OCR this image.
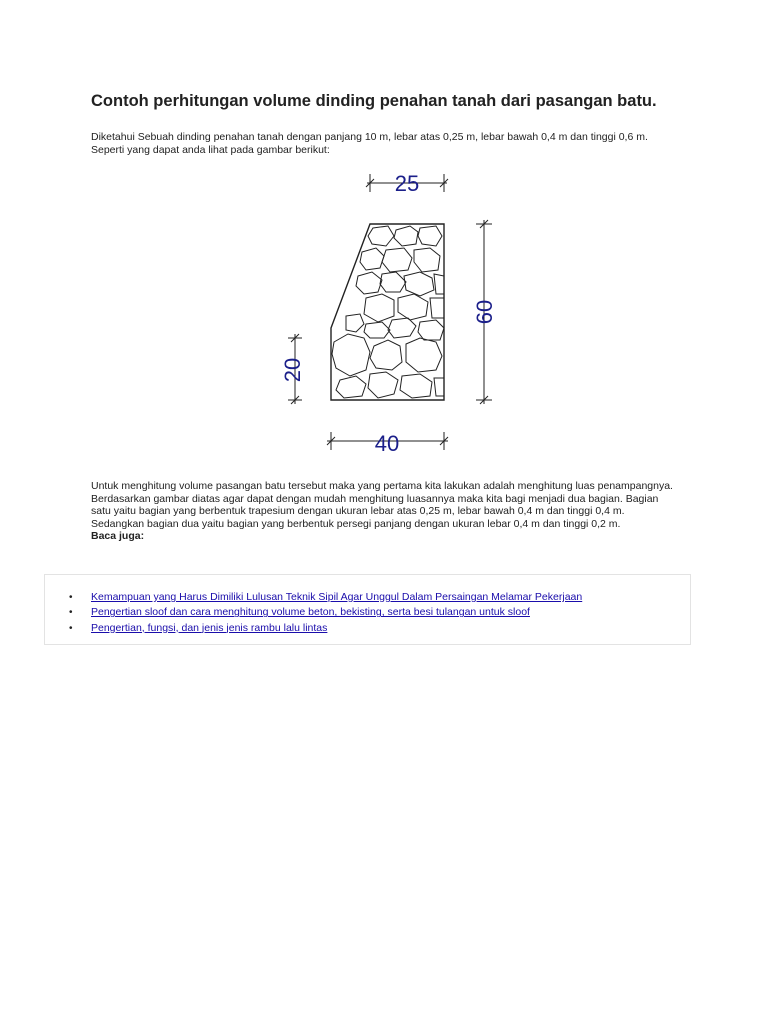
Contoh perhitungan volume dinding penahan tanah dari pasangan batu.
Diketahui Sebuah dinding penahan tanah dengan panjang 10 m, lebar atas 0,25 m, lebar bawah 0,4 m dan tinggi 0,6 m.
Seperti yang dapat anda lihat pada gambar berikut:
25
60
20
40

Untuk menghitung volume pasangan batu tersebut maka yang pertama kita lakukan adalah menghitung luas penampangnya.

Berdasarkan gambar diatas agar dapat dengan mudah menghitung luasannya maka kita bagi menjadi dua bagian. Bagian satu yaitu bagian yang berbentuk trapesium dengan ukuran lebar atas 0,25 m, lebar bawah 0,4 m dan tinggi 0,4 m.

Sedangkan bagian dua yaitu bagian yang berbentuk persegi panjang dengan ukuran lebar 0,4 m dan tinggi 0,2 m.

Baca juga:

• Kemampuan yang Harus Dimiliki Lulusan Teknik Sipil Agar Unggul Dalam Persaingan Melamar Pekerjaan
• Pengertian sloof dan cara menghitung volume beton, bekisting, serta besi tulangan untuk sloof
• Pengertian, fungsi, dan jenis jenis rambu lalu lintas
